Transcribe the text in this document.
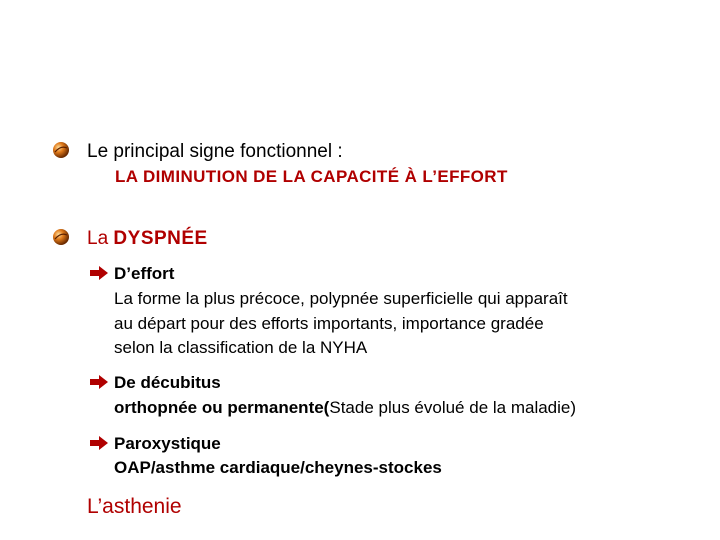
Le principal signe fonctionnel :
LA DIMINUTION DE LA CAPACITÉ À L’EFFORT
La DYSPNÉE
D’effort
La forme la plus précoce, polypnée superficielle qui apparaît
au départ pour des efforts importants, importance gradée
selon la classification de la NYHA
De décubitus
orthopnée ou permanente(Stade plus évolué de la maladie)
Paroxystique
OAP/asthme cardiaque/cheynes-stockes
L’asthenie
